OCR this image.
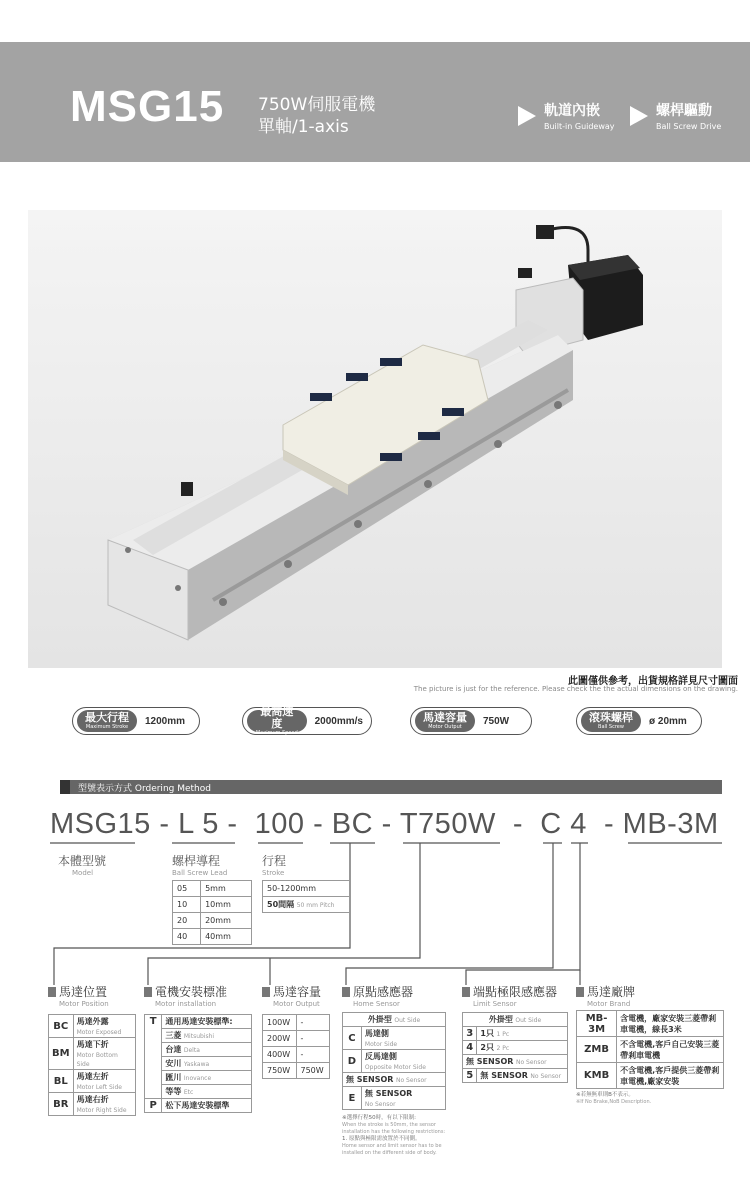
MSG15 750W伺服電機
單軸/1-axis
軌道內嵌
Built-in Guideway
螺桿驅動
Ball Screw Drive
此圖僅供參考，出貨規格詳見尺寸圖面
The picture is just for the reference. Please check the the actual dimensions on the drawing.
最大行程
Maximum Stroke
1200mm
最高速度
Maximum Speed
2000mm/s	馬達容量
Motor Output
750W	滾珠螺桿
Ball Screw
ø 20mm
型號表示方式 Ordering Method
MSG15 - L 5 -  100 - BC - T750W  -  C 4  - MB-3M
本體型號
Model
螺桿導程
Ball Screw Lead
05	5mm
10	10mm
20	20mm
40	40mm
行程
Stroke
50-1200mm
50間隔 50 mm Pitch
馬達位置
Motor Position
BC	馬達外露
Motor Exposed
BM	馬達下折
Motor Bottom Side
BL	馬達左折
Motor Left Side
BR	馬達右折
Motor Right Side
電機安裝標准
Motor installation
T	通用馬達安裝標準:
	三菱 Mitsubishi
	台達 Delta
	安川 Yaskawa
	匯川 Inovance
	等等 Etc
P	松下馬達安裝標準
馬達容量
Motor Output
100W	-
200W	-
400W	-
750W	750W
原點感應器
Home Sensor
外掛型 Out Side	
C	馬達側
Motor Side
D	反馬達側
Opposite Motor Side
無 SENSOR No Sensor	
E	無 SENSOR
No Sensor
※選擇行程50時，有以下限制:
When the stroke is 50mm, the sensor installation has the following restrictions:
1. 原點與極限需放置於不同側。
Home sensor and limit sensor has to be installed on the different side of body.
端點極限感應器
Limit Sensor
外掛型 Out Side	
3	1只 1 Pc
4	2只 2 Pc
無 SENSOR No Sensor	
5	無 SENSOR No Sensor
馬達廠牌
Motor Brand
MB-3M	含電機，廠家安裝三菱帶剎車電機，線長3米
ZMB	不含電機,客戶自己安裝三菱帶剎車電機
KMB	不含電機,客戶提供三菱帶剎車電機,廠家安裝
※若無無車則B不表示。
※If No Brake,NoB Description.
